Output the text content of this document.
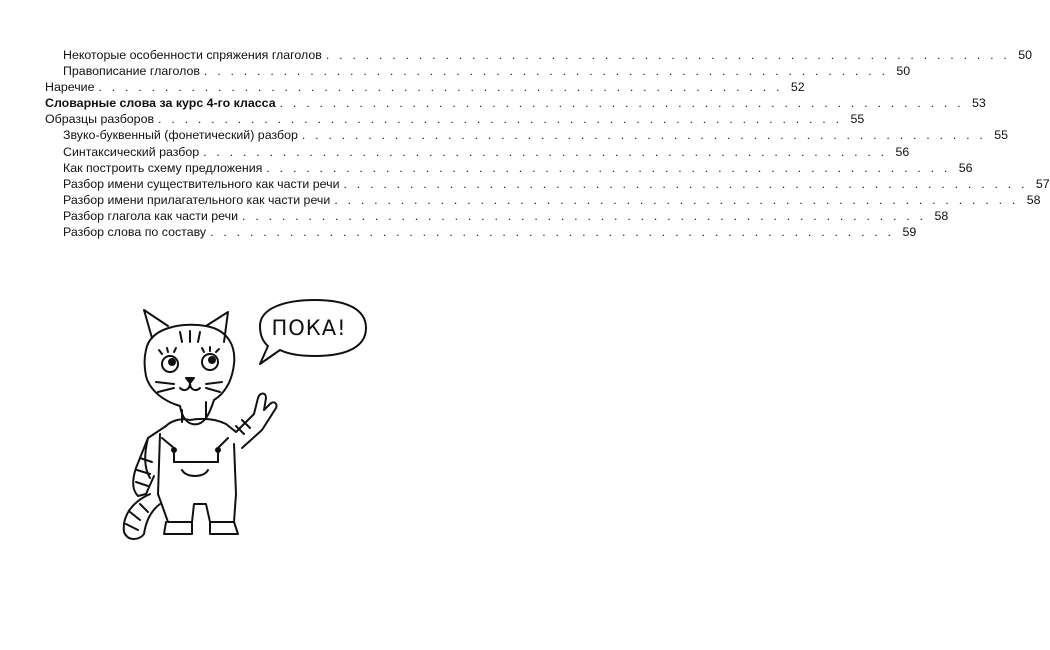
Некоторые особенности спряжения глаголов . . . . . . . . . . . . . . . . . . . . . . . . . . . . . . . . . . . . . . . . . . . . . . . . . . . . 50
Правописание глаголов . . . . . . . . . . . . . . . . . . . . . . . . . . . . . . . . . . . . . . . . . . . . . . . . . . . . 50
Наречие . . . . . . . . . . . . . . . . . . . . . . . . . . . . . . . . . . . . . . . . . . . . . . . . . . . . 52
Словарные слова за курс 4-го класса . . . . . . . . . . . . . . . . . . . . . . . . . . . . . . . . . . . . . . . . . . . . . . . . . . . . 53
Образцы разборов . . . . . . . . . . . . . . . . . . . . . . . . . . . . . . . . . . . . . . . . . . . . . . . . . . . . 55
Звуко-буквенный (фонетический) разбор . . . . . . . . . . . . . . . . . . . . . . . . . . . . . . . . . . . . . . . . . . . . . . . . . . . . 55
Синтаксический разбор . . . . . . . . . . . . . . . . . . . . . . . . . . . . . . . . . . . . . . . . . . . . . . . . . . . . 56
Как построить схему предложения . . . . . . . . . . . . . . . . . . . . . . . . . . . . . . . . . . . . . . . . . . . . . . . . . . . . 56
Разбор имени существительного как части речи . . . . . . . . . . . . . . . . . . . . . . . . . . . . . . . . . . . . . . . . . . . . . . . . . . . . 57
Разбор имени прилагательного как части речи . . . . . . . . . . . . . . . . . . . . . . . . . . . . . . . . . . . . . . . . . . . . . . . . . . . . 58
Разбор глагола как части речи . . . . . . . . . . . . . . . . . . . . . . . . . . . . . . . . . . . . . . . . . . . . . . . . . . . . 58
Разбор слова по составу . . . . . . . . . . . . . . . . . . . . . . . . . . . . . . . . . . . . . . . . . . . . . . . . . . . . 59
ПОКА!
